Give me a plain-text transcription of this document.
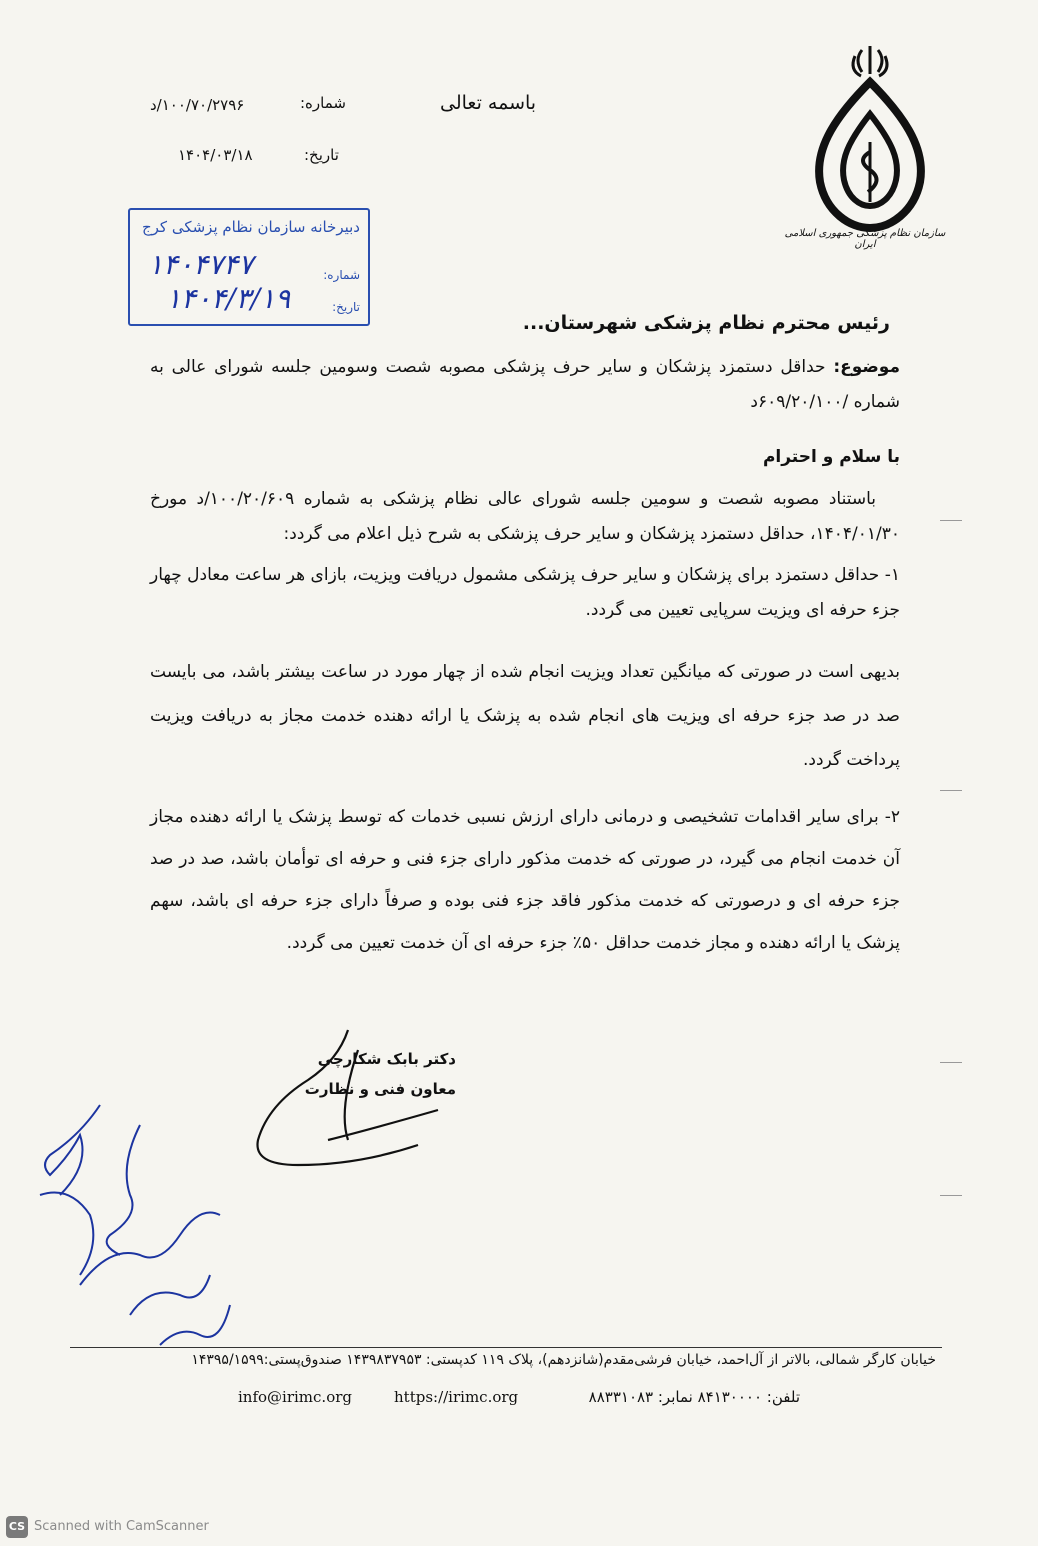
سازمان نظام پزشکی جمهوری اسلامی ایران
باسمه تعالی
شماره:
۱۰۰/۷۰/۲۷۹۶/د
تاریخ:
۱۴۰۴/۰۳/۱۸
دبیرخانه سازمان نظام پزشکی کرج
شماره:
۱۴۰۴۷۴۷
تاریخ:
۱۴۰۴/۳/۱۹
رئیس محترم نظام پزشکی شهرستان...
موضوع: حداقل دستمزد پزشکان و سایر حرف پزشکی مصوبه شصت وسومین جلسه شورای عالی به شماره /۶۰۹/۲۰/۱۰۰د
با سلام و احترام
باستناد مصوبه شصت و سومین جلسه شورای عالی نظام پزشکی به شماره ۱۰۰/۲۰/۶۰۹/د مورخ ۱۴۰۴/۰۱/۳۰، حداقل دستمزد پزشکان و سایر حرف پزشکی به شرح ذیل اعلام می گردد:
۱- حداقل دستمزد برای پزشکان و سایر حرف پزشکی مشمول دریافت ویزیت، بازای هر ساعت معادل چهار جزء حرفه ای ویزیت سرپایی تعیین می گردد.
بدیهی است در صورتی که میانگین تعداد ویزیت انجام شده از چهار مورد در ساعت بیشتر باشد، می بایست صد در صد جزء حرفه ای ویزیت های انجام شده به پزشک یا ارائه دهنده خدمت مجاز به دریافت ویزیت پرداخت گردد.
۲- برای سایر اقدامات تشخیصی و درمانی دارای ارزش نسبی خدمات که توسط پزشک یا ارائه دهنده مجاز آن خدمت انجام می گیرد، در صورتی که خدمت مذکور دارای جزء فنی و حرفه ای توأمان باشد، صد در صد جزء حرفه ای و درصورتی که خدمت مذکور فاقد جزء فنی بوده و صرفاً دارای جزء حرفه ای باشد، سهم پزشک یا ارائه دهنده و مجاز خدمت حداقل ۵۰٪ جزء حرفه ای آن خدمت تعیین می گردد.
دکتر بابک شکارچی
معاون فنی و نظارت
خیابان کارگر شمالی، بالاتر از آل‌احمد، خیابان فرشی‌مقدم(شانزدهم)، پلاک ۱۱۹ کدپستی: ۱۴۳۹۸۳۷۹۵۳ صندوق‌پستی:۱۴۳۹۵/۱۵۹۹
تلفن: ۸۴۱۳۰۰۰۰ نمابر: ۸۸۳۳۱۰۸۳
https://irimc.org
info@irimc.org
CS Scanned with CamScanner
